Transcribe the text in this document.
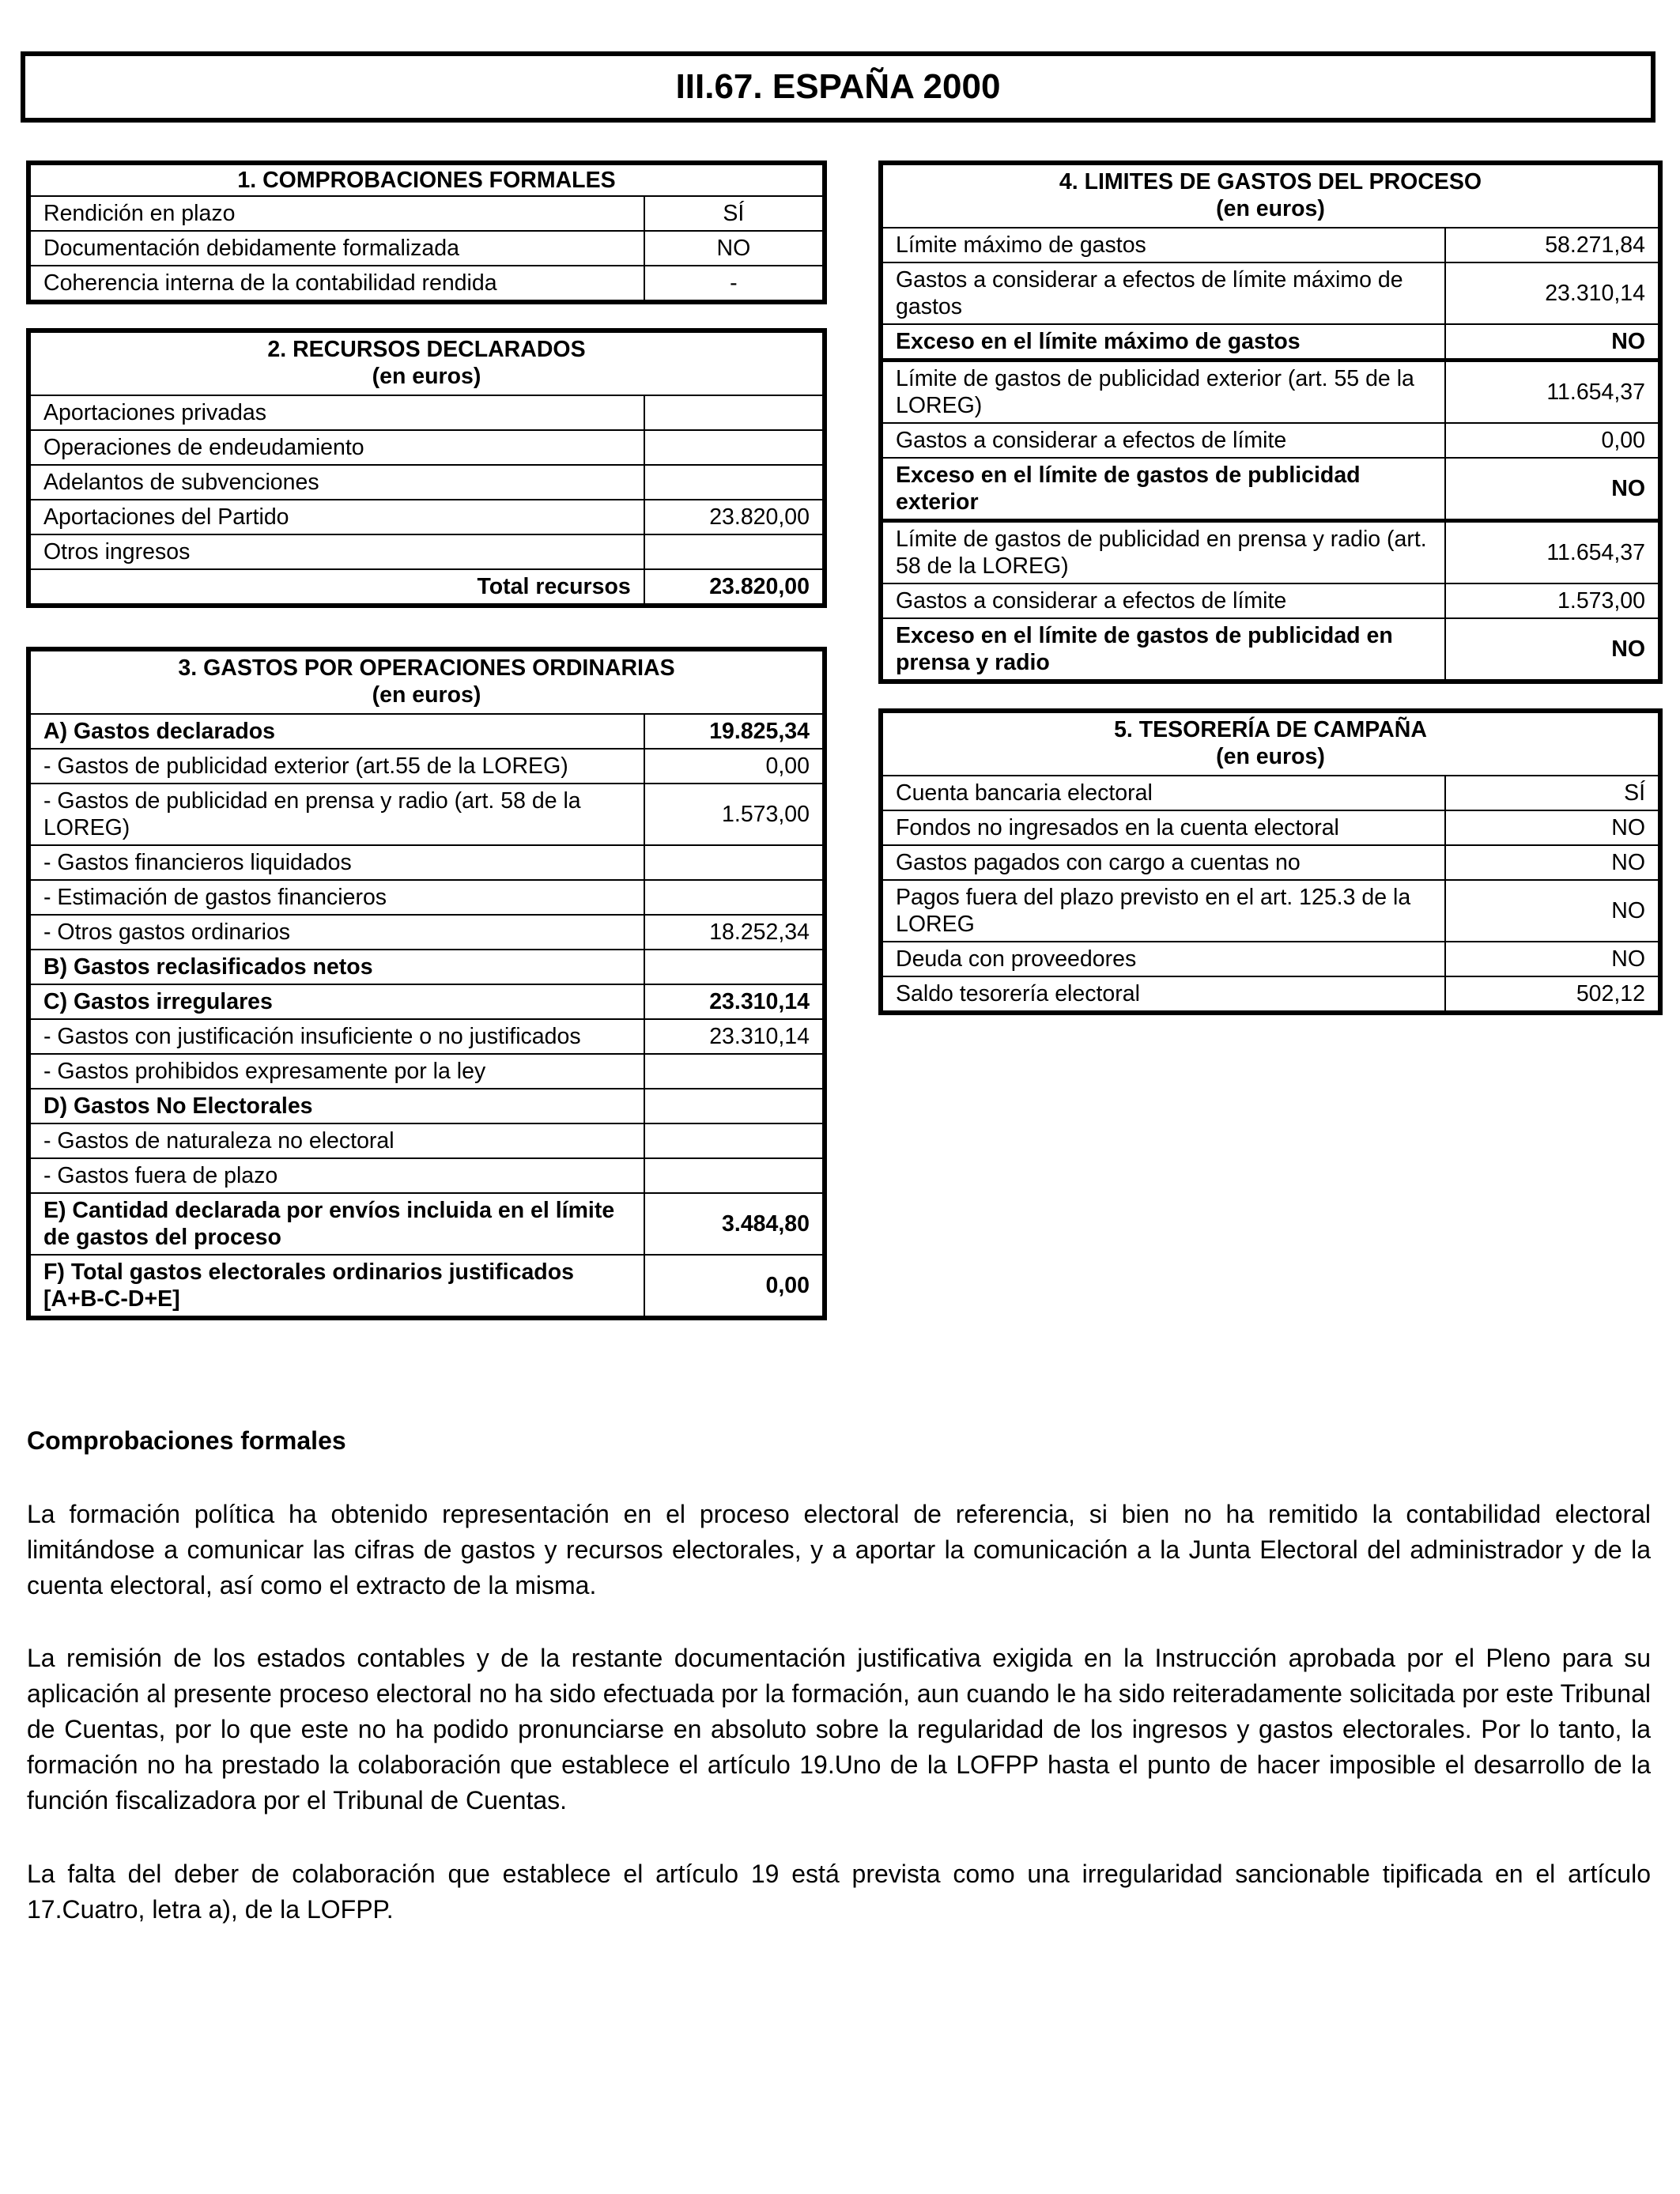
III.67. ESPAÑA 2000
1. COMPROBACIONES FORMALES	
Rendición en plazo	SÍ
Documentación debidamente formalizada	NO
Coherencia interna de la contabilidad rendida	-
2. RECURSOS DECLARADOS
(en euros)	

Aportaciones privadas	
Operaciones de endeudamiento	
Adelantos de subvenciones	
Aportaciones del Partido	23.820,00
Otros ingresos	
Total recursos	23.820,00
3. GASTOS POR OPERACIONES ORDINARIAS
(en euros)	

A) Gastos declarados	19.825,34
- Gastos de publicidad exterior (art.55 de la LOREG)	0,00
- Gastos de publicidad en prensa y radio (art. 58 de la LOREG)	1.573,00
- Gastos financieros liquidados	
- Estimación de gastos financieros	
- Otros gastos ordinarios	18.252,34
B) Gastos reclasificados netos	
C) Gastos irregulares	23.310,14
- Gastos con justificación insuficiente o no justificados	23.310,14
- Gastos prohibidos expresamente por la ley	
D) Gastos No Electorales	
- Gastos de naturaleza no electoral	
- Gastos fuera de plazo	
E) Cantidad declarada por envíos incluida en el límite de gastos del proceso	3.484,80
F) Total gastos electorales ordinarios justificados [A+B-C-D+E]	0,00
4. LIMITES DE GASTOS DEL PROCESO
(en euros)	

Límite máximo de gastos	58.271,84
Gastos a considerar a efectos de límite máximo de gastos	23.310,14
Exceso en el límite máximo de gastos	NO
Límite de gastos de publicidad exterior (art. 55 de la LOREG)	11.654,37
Gastos a considerar a efectos de límite	0,00
Exceso en el límite de gastos de publicidad exterior	NO
Límite de gastos de publicidad en prensa y radio (art. 58 de la LOREG)	11.654,37
Gastos a considerar a efectos de límite	1.573,00
Exceso en el límite de gastos de publicidad en prensa y radio	NO
5. TESORERÍA DE CAMPAÑA
(en euros)	

Cuenta bancaria electoral	SÍ
Fondos no ingresados en la cuenta electoral	NO
Gastos pagados con cargo a cuentas no	NO
Pagos fuera del plazo previsto en el art. 125.3 de la LOREG	NO
Deuda con proveedores	NO
Saldo tesorería electoral	502,12
Comprobaciones formales
La formación política ha obtenido representación en el proceso electoral de referencia, si bien no ha remitido la contabilidad electoral limitándose a comunicar las cifras de gastos y recursos electorales, y a aportar la comunicación a la Junta Electoral del administrador y de la cuenta electoral, así como el extracto de la misma.
La remisión de los estados contables y de la restante documentación justificativa exigida en la Instrucción aprobada por el Pleno para su aplicación al presente proceso electoral no ha sido efectuada por la formación, aun cuando le ha sido reiteradamente solicitada por este Tribunal de Cuentas, por lo que este no ha podido pronunciarse en absoluto sobre la regularidad de los ingresos y gastos electorales. Por lo tanto, la formación no ha prestado la colaboración que establece el artículo 19.Uno de la LOFPP hasta el punto de hacer imposible el desarrollo de la función fiscalizadora por el Tribunal de Cuentas.
La falta del deber de colaboración que establece el artículo 19 está prevista como una irregularidad sancionable tipificada en el artículo 17.Cuatro, letra a), de la LOFPP.
